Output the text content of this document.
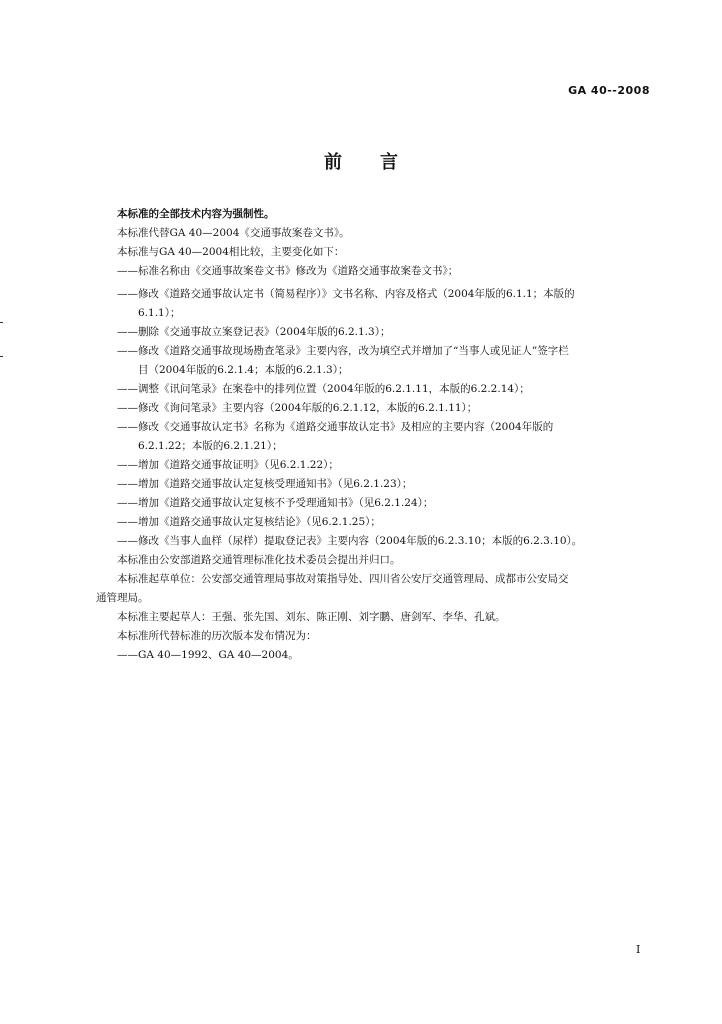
GA 40--2008
前言
本标准的全部技术内容为强制性。
本标准代替GA 40—2004《交通事故案卷文书》。
本标准与GA 40—2004相比较，主要变化如下：
——标准名称由《交通事故案卷文书》修改为《道路交通事故案卷文书》；
——修改《道路交通事故认定书（简易程序）》文书名称、内容及格式（2004年版的6.1.1；本版的
6.1.1）；
——删除《交通事故立案登记表》（2004年版的6.2.1.3）；
——修改《道路交通事故现场勘查笔录》主要内容，改为填空式并增加了“当事人或见证人”签字栏
目（2004年版的6.2.1.4；本版的6.2.1.3）；
——调整《讯问笔录》在案卷中的排列位置（2004年版的6.2.1.11，本版的6.2.2.14）；
——修改《询问笔录》主要内容（2004年版的6.2.1.12，本版的6.2.1.11）；
——修改《交通事故认定书》名称为《道路交通事故认定书》及相应的主要内容（2004年版的
6.2.1.22；本版的6.2.1.21）；
——增加《道路交通事故证明》（见6.2.1.22）；
——增加《道路交通事故认定复核受理通知书》（见6.2.1.23）；
——增加《道路交通事故认定复核不予受理通知书》（见6.2.1.24）；
——增加《道路交通事故认定复核结论》（见6.2.1.25）；
——修改《当事人血样（尿样）提取登记表》主要内容（2004年版的6.2.3.10；本版的6.2.3.10）。
本标准由公安部道路交通管理标准化技术委员会提出并归口。
本标准起草单位：公安部交通管理局事故对策指导处、四川省公安厅交通管理局、成都市公安局交
通管理局。
本标准主要起草人：王强、张先国、刘东、陈正刚、刘字鹏、唐剑军、李华、孔斌。
本标准所代替标准的历次版本发布情况为：
——GA 40—1992、GA 40—2004。
I
